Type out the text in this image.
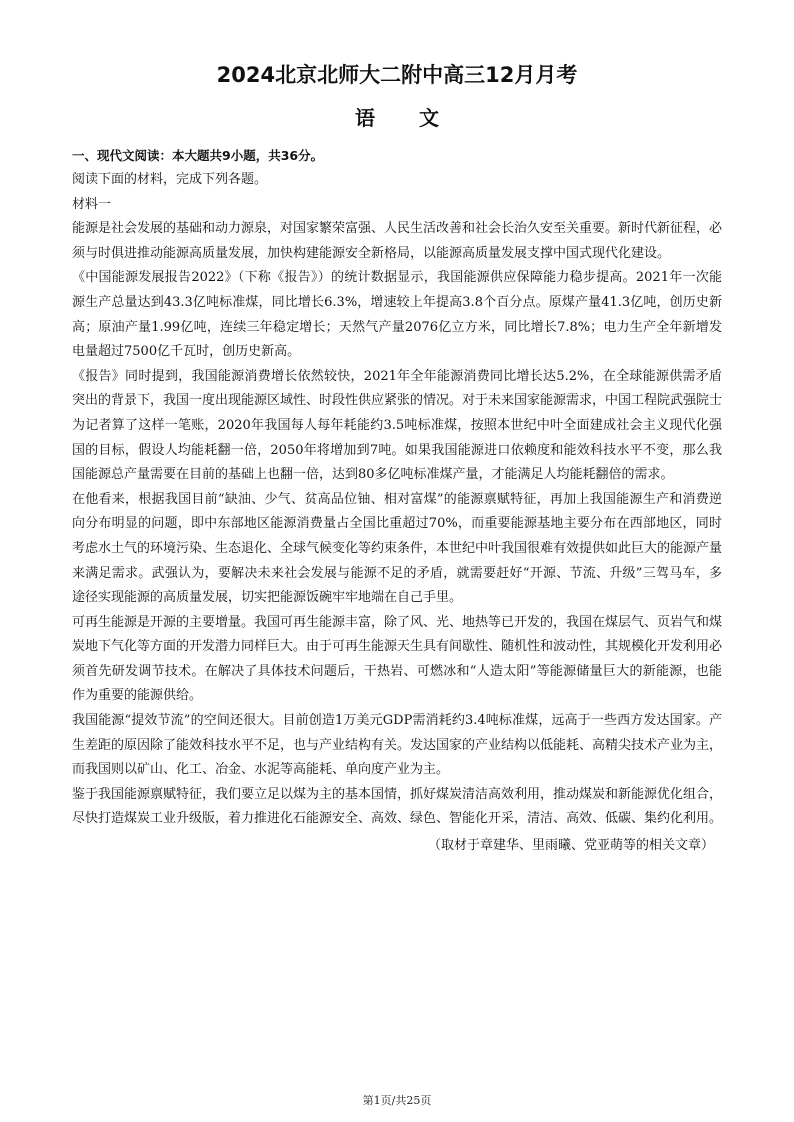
2024北京北师大二附中高三12月月考
语文
一、现代文阅读：本大题共9小题，共36分。

阅读下面的材料，完成下列各题。

材料一

能源是社会发展的基础和动力源泉，对国家繁荣富强、人民生活改善和社会长治久安至关重要。新时代新征程，必须与时俱进推动能源高质量发展，加快构建能源安全新格局，以能源高质量发展支撑中国式现代化建设。

《中国能源发展报告2022》（下称《报告》）的统计数据显示，我国能源供应保障能力稳步提高。2021年一次能源生产总量达到43.3亿吨标准煤，同比增长6.3%，增速较上年提高3.8个百分点。原煤产量41.3亿吨，创历史新高；原油产量1.99亿吨，连续三年稳定增长；天然气产量2076亿立方米，同比增长7.8%；电力生产全年新增发电量超过7500亿千瓦时，创历史新高。

《报告》同时提到，我国能源消费增长依然较快，2021年全年能源消费同比增长达5.2%，在全球能源供需矛盾突出的背景下，我国一度出现能源区域性、时段性供应紧张的情况。对于未来国家能源需求，中国工程院武强院士为记者算了这样一笔账，2020年我国每人每年耗能约3.5吨标准煤，按照本世纪中叶全面建成社会主义现代化强国的目标，假设人均能耗翻一倍，2050年将增加到7吨。如果我国能源进口依赖度和能效科技水平不变，那么我国能源总产量需要在目前的基础上也翻一倍，达到80多亿吨标准煤产量，才能满足人均能耗翻倍的需求。

在他看来，根据我国目前“缺油、少气、贫高品位铀、相对富煤”的能源禀赋特征，再加上我国能源生产和消费逆向分布明显的问题，即中东部地区能源消费量占全国比重超过70%，而重要能源基地主要分布在西部地区，同时考虑水土气的环境污染、生态退化、全球气候变化等约束条件，本世纪中叶我国很难有效提供如此巨大的能源产量来满足需求。武强认为，要解决未来社会发展与能源不足的矛盾，就需要赶好“开源、节流、升级”三驾马车，多途径实现能源的高质量发展，切实把能源饭碗牢牢地端在自己手里。

可再生能源是开源的主要增量。我国可再生能源丰富，除了风、光、地热等已开发的，我国在煤层气、页岩气和煤炭地下气化等方面的开发潜力同样巨大。由于可再生能源天生具有间歇性、随机性和波动性，其规模化开发利用必须首先研发调节技术。在解决了具体技术问题后，干热岩、可燃冰和“人造太阳”等能源储量巨大的新能源，也能作为重要的能源供给。

我国能源“提效节流”的空间还很大。目前创造1万美元GDP需消耗约3.4吨标准煤，远高于一些西方发达国家。产生差距的原因除了能效科技水平不足，也与产业结构有关。发达国家的产业结构以低能耗、高精尖技术产业为主，而我国则以矿山、化工、冶金、水泥等高能耗、单向度产业为主。

鉴于我国能源禀赋特征，我们要立足以煤为主的基本国情，抓好煤炭清洁高效利用，推动煤炭和新能源优化组合，尽快打造煤炭工业升级版，着力推进化石能源安全、高效、绿色、智能化开采，清洁、高效、低碳、集约化利用。

（取材于章建华、里雨曦、党亚萌等的相关文章）

第1页/共25页
